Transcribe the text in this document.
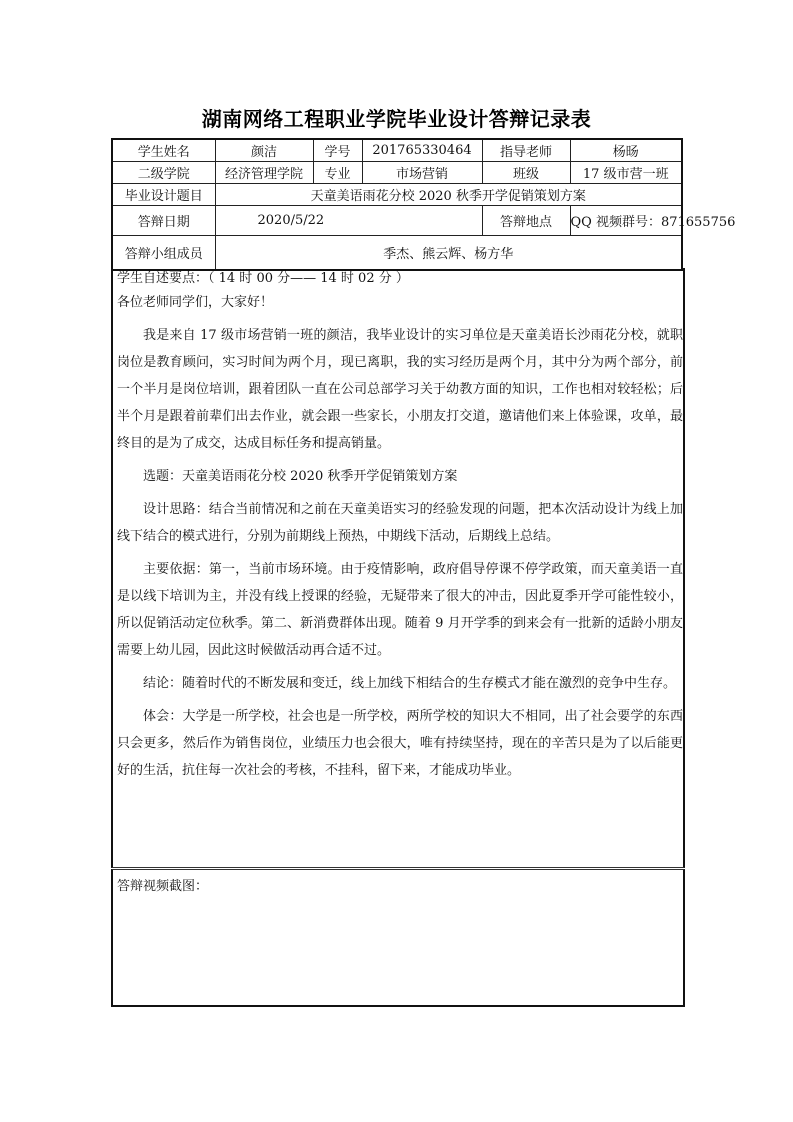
湖南网络工程职业学院毕业设计答辩记录表
学生姓名	颜洁	学号	201765330464	指导老师	杨旸
二级学院	经济管理学院	专业	市场营销	班级	17 级市营一班
毕业设计题目	天童美语雨花分校 2020 秋季开学促销策划方案				
答辩日期	2020/5/22			答辩地点	QQ 视频群号：871655756
答辩小组成员	季杰、熊云辉、杨方华				

学生自述要点：（ 14 时 00 分—— 14 时 02 分 ）

各位老师同学们，大家好！

我是来自 17 级市场营销一班的颜洁，我毕业设计的实习单位是天童美语长沙雨花分校，就职岗位是教育顾问，实习时间为两个月，现已离职，我的实习经历是两个月，其中分为两个部分，前一个半月是岗位培训，跟着团队一直在公司总部学习关于幼教方面的知识，工作也相对较轻松；后半个月是跟着前辈们出去作业，就会跟一些家长，小朋友打交道，邀请他们来上体验课，攻单，最终目的是为了成交，达成目标任务和提高销量。

选题：天童美语雨花分校 2020 秋季开学促销策划方案

设计思路：结合当前情况和之前在天童美语实习的经验发现的问题，把本次活动设计为线上加线下结合的模式进行，分别为前期线上预热，中期线下活动，后期线上总结。

主要依据：第一，当前市场环境。由于疫情影响，政府倡导停课不停学政策，而天童美语一直是以线下培训为主，并没有线上授课的经验，无疑带来了很大的冲击，因此夏季开学可能性较小，所以促销活动定位秋季。第二、新消费群体出现。随着 9 月开学季的到来会有一批新的适龄小朋友需要上幼儿园，因此这时候做活动再合适不过。

结论：随着时代的不断发展和变迁，线上加线下相结合的生存模式才能在激烈的竞争中生存。

体会：大学是一所学校，社会也是一所学校，两所学校的知识大不相同，出了社会要学的东西只会更多，然后作为销售岗位，业绩压力也会很大，唯有持续坚持，现在的辛苦只是为了以后能更好的生活，抗住每一次社会的考核，不挂科，留下来，才能成功毕业。

答辩视频截图：
